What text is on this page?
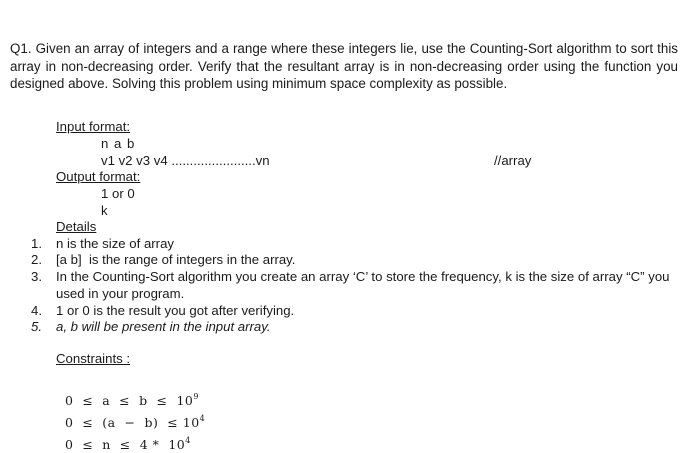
Q1. Given an array of integers and a range where these integers lie, use the Counting-Sort algorithm to sort this array in non-decreasing order. Verify that the resultant array is in non-decreasing order using the function you designed above. Solving this problem using minimum space complexity as possible.
Input format:
n a b
v1 v2 v3 v4 .......................vn	//array
Output format:
1 or 0
k
Details
1. n is the size of array
2. [a b]  is the range of integers in the array.
3. In the Counting-Sort algorithm you create an array ‘C’ to store the frequency, k is the size of array “C” you used in your program.
4. 1 or 0 is the result you got after verifying.
5. a, b will be present in the input array.
Constraints :

$0 \le a \le b \le 10^9$

$0 \le (a - b) \le 10^4$

$0 \le n \le 4 * 10^4$
